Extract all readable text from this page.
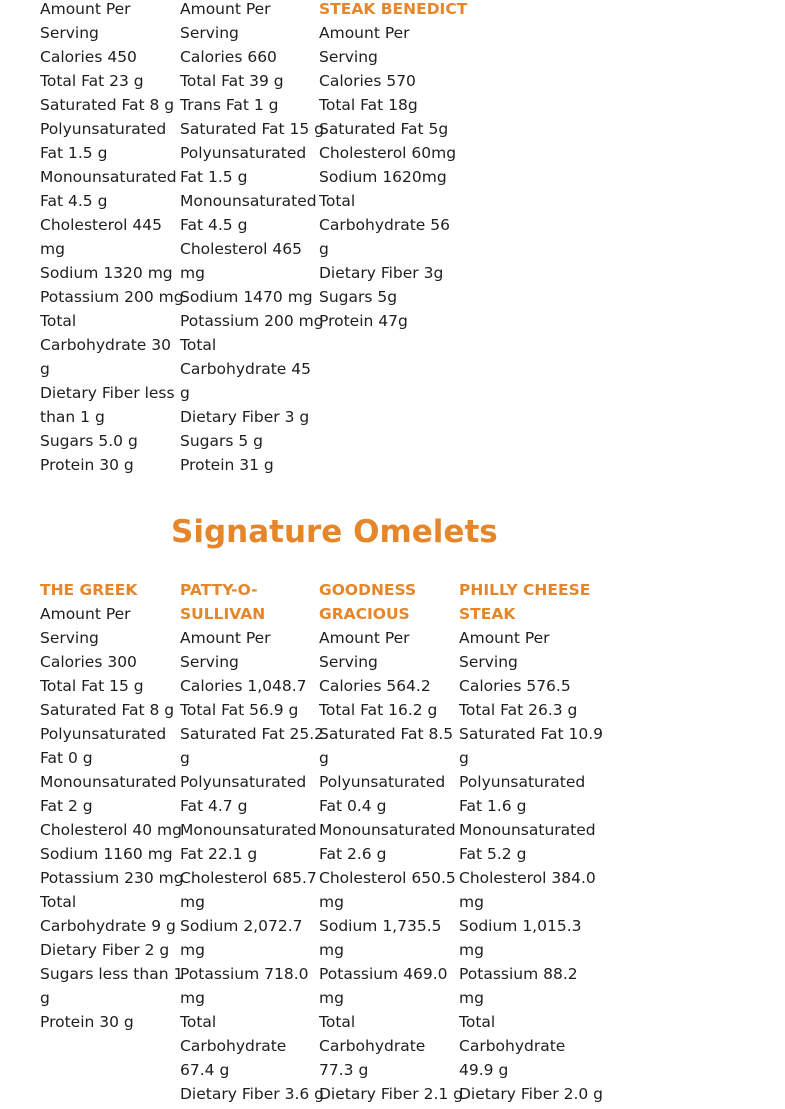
Amount Per
Serving
Calories 450
Total Fat 23 g
Saturated Fat 8 g
Polyunsaturated
Fat 1.5 g
Monounsaturated
Fat 4.5 g
Cholesterol 445
mg
Sodium 1320 mg
Potassium 200 mg
Total
Carbohydrate 30
g
Dietary Fiber less
than 1 g
Sugars 5.0 g
Protein 30 g
Amount Per
Serving
Calories 660
Total Fat 39 g
Trans Fat 1 g
Saturated Fat 15 g
Polyunsaturated
Fat 1.5 g
Monounsaturated
Fat 4.5 g
Cholesterol 465
mg
Sodium 1470 mg
Potassium 200 mg
Total
Carbohydrate 45
g
Dietary Fiber 3 g
Sugars 5 g
Protein 31 g
STEAK BENEDICT
Amount Per
Serving
Calories 570
Total Fat 18g
Saturated Fat 5g
Cholesterol 60mg
Sodium 1620mg
Total
Carbohydrate 56
g
Dietary Fiber 3g
Sugars 5g
Protein 47g
Signature Omelets
THE GREEK
Amount Per
Serving
Calories 300
Total Fat 15 g
Saturated Fat 8 g
Polyunsaturated
Fat 0 g
Monounsaturated
Fat 2 g
Cholesterol 40 mg
Sodium 1160 mg
Potassium 230 mg
Total
Carbohydrate 9 g
Dietary Fiber 2 g
Sugars less than 1
g
Protein 30 g
PATTY-O-
SULLIVAN
Amount Per
Serving
Calories 1,048.7
Total Fat 56.9 g
Saturated Fat 25.2
g
Polyunsaturated
Fat 4.7 g
Monounsaturated
Fat 22.1 g
Cholesterol 685.7
mg
Sodium 2,072.7
mg
Potassium 718.0
mg
Total
Carbohydrate
67.4 g
Dietary Fiber 3.6 g
GOODNESS
GRACIOUS
Amount Per
Serving
Calories 564.2
Total Fat 16.2 g
Saturated Fat 8.5
g
Polyunsaturated
Fat 0.4 g
Monounsaturated
Fat 2.6 g
Cholesterol 650.5
mg
Sodium 1,735.5
mg
Potassium 469.0
mg
Total
Carbohydrate
77.3 g
Dietary Fiber 2.1 g
PHILLY CHEESE
STEAK
Amount Per
Serving
Calories 576.5
Total Fat 26.3 g
Saturated Fat 10.9
g
Polyunsaturated
Fat 1.6 g
Monounsaturated
Fat 5.2 g
Cholesterol 384.0
mg
Sodium 1,015.3
mg
Potassium 88.2
mg
Total
Carbohydrate
49.9 g
Dietary Fiber 2.0 g
